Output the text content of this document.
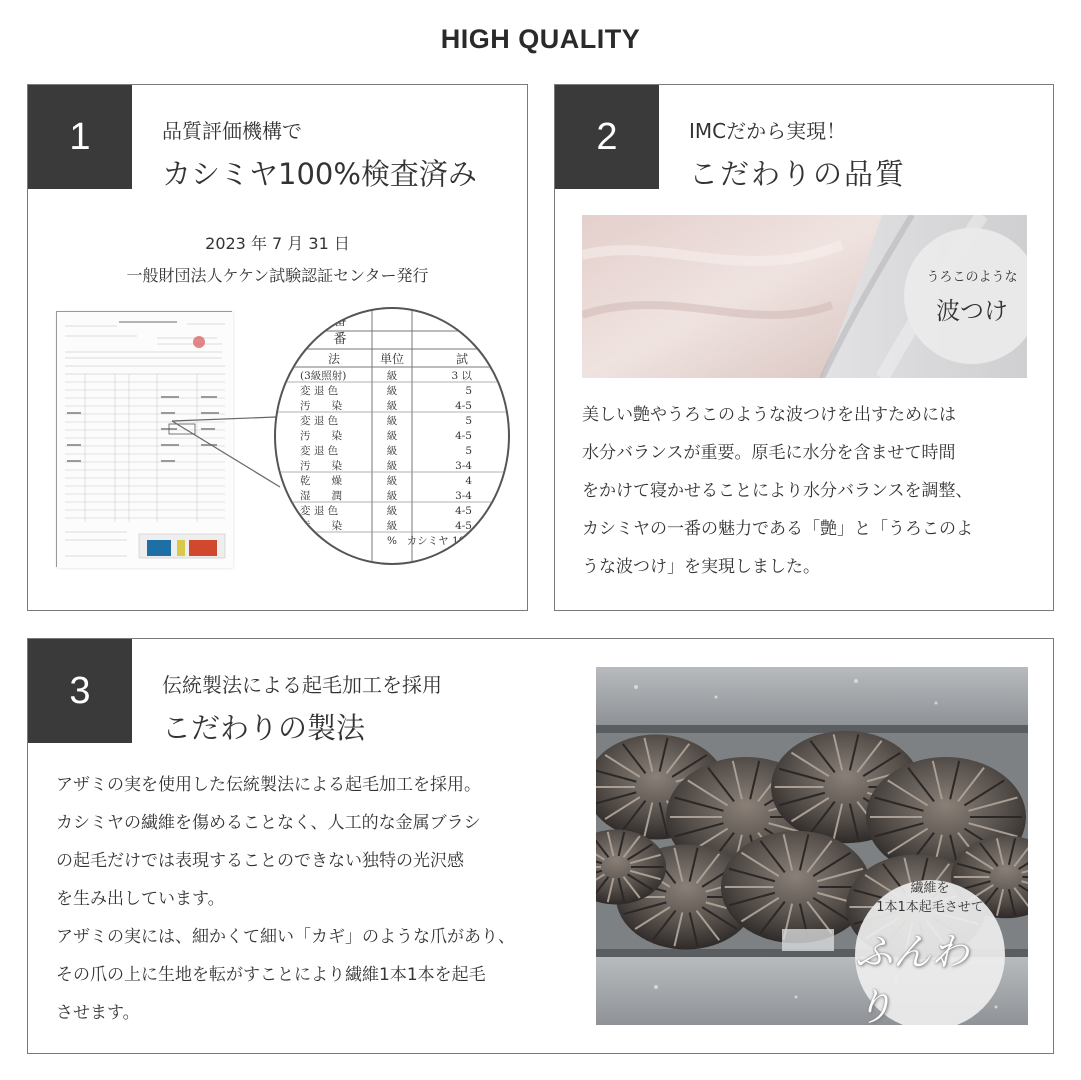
HIGH QUALITY
1	品質評価機構で
カシミヤ100%検査済み
2023 年 7 月 31 日
一般財団法人ケケン試験認証センター発行
番
番
法	単位	試
(3級照射)	級	3 以
変 退 色	級	5
汚　　染	級	4-5
変 退 色	級	5
汚　　染	級	4-5
変 退 色	級	5
汚　　染	級	3-4
乾　　燥	級	4
湿　　潤	級	3-4
変 退 色	級	4-5
汚　　染	級	4-5
% カシミヤ 100
2	IMCだから実現！
こだわりの品質
うろこのような
波つけ
美しい艶やうろこのような波つけを出すためには
水分バランスが重要。原毛に水分を含ませて時間
をかけて寝かせることにより水分バランスを調整、
カシミヤの一番の魅力である「艶」と「うろこのよ
うな波つけ」を実現しました。
3	伝統製法による起毛加工を採用
こだわりの製法
アザミの実を使用した伝統製法による起毛加工を採用。
カシミヤの繊維を傷めることなく、人工的な金属ブラシ
の起毛だけでは表現することのできない独特の光沢感
を生み出しています。
アザミの実には、細かくて細い「カギ」のような爪があり、
その爪の上に生地を転がすことにより繊維1本1本を起毛
させます。
繊維を
1本1本起毛させて
ふんわり
